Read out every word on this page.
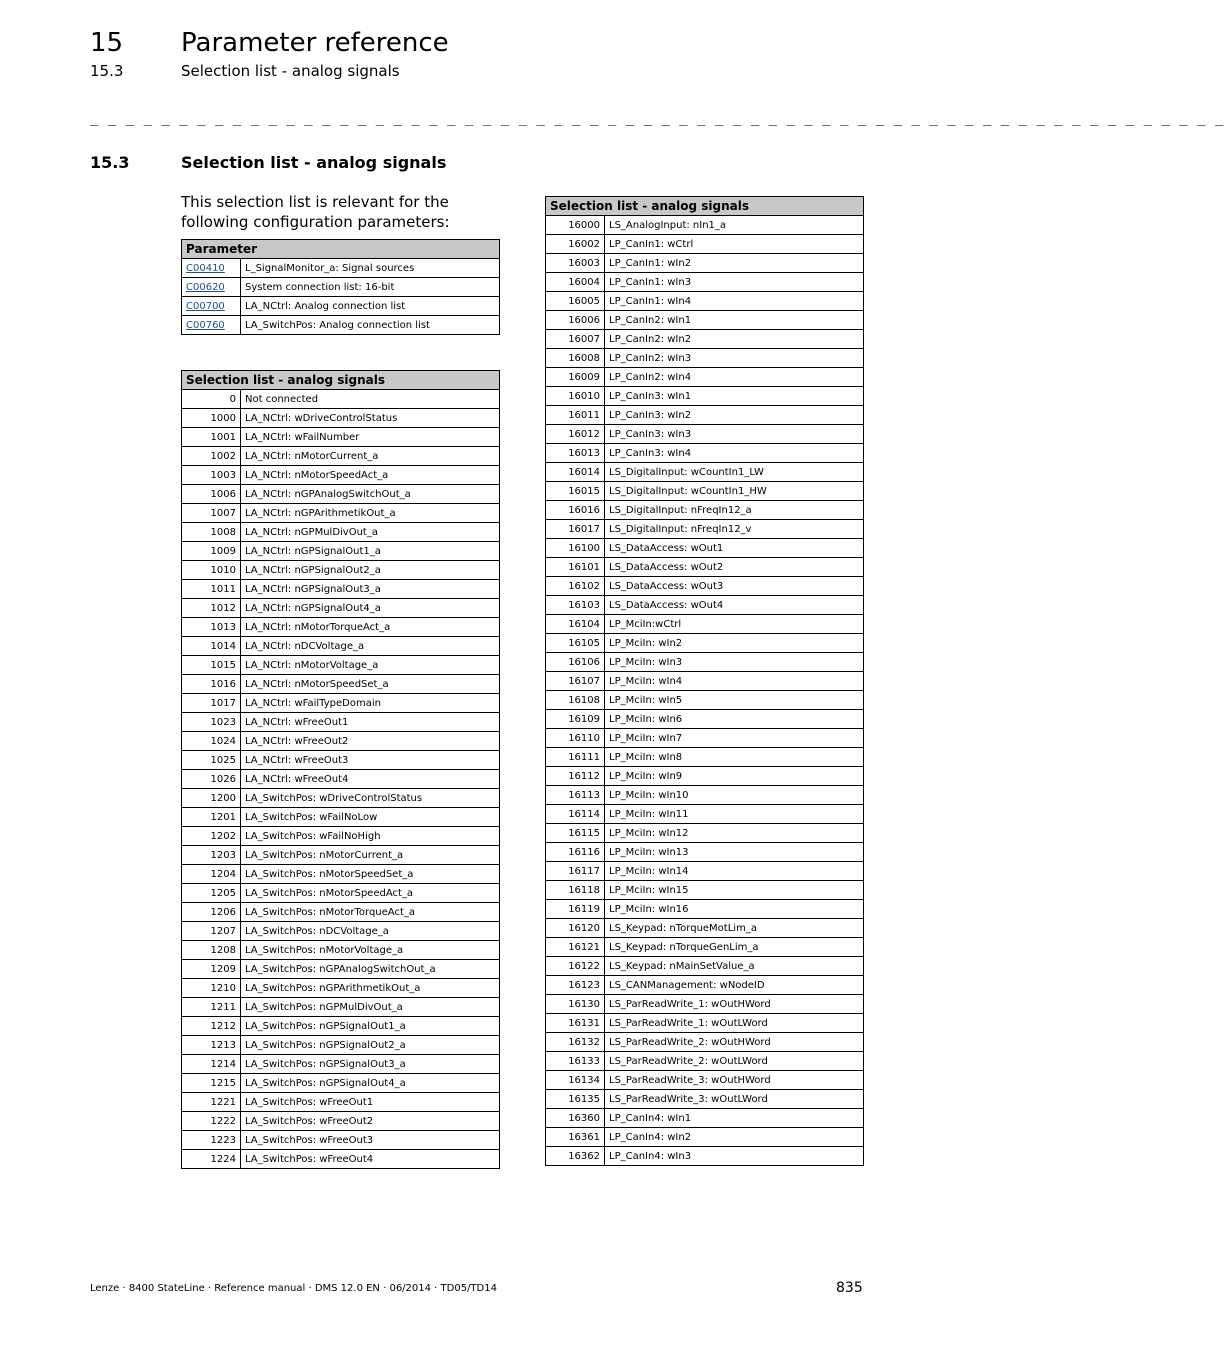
15 Parameter reference
15.3	Selection list - analog signals
_ _ _ _ _ _ _ _ _ _ _ _ _ _ _ _ _ _ _ _ _ _ _ _ _ _ _ _ _ _ _ _ _ _ _ _ _ _ _ _ _ _ _ _ _ _ _ _ _ _ _ _ _ _ _ _ _ _ _ _ _ _ _ _
15.3	Selection list - analog signals
This selection list is relevant for the following configuration parameters:
Parameter	
C00410	L_SignalMonitor_a: Signal sources
C00620	System connection list: 16-bit
C00700	LA_NCtrl: Analog connection list
C00760	LA_SwitchPos: Analog connection list
Selection list - analog signals	
0	Not connected
1000	LA_NCtrl: wDriveControlStatus
1001	LA_NCtrl: wFailNumber
1002	LA_NCtrl: nMotorCurrent_a
1003	LA_NCtrl: nMotorSpeedAct_a
1006	LA_NCtrl: nGPAnalogSwitchOut_a
1007	LA_NCtrl: nGPArithmetikOut_a
1008	LA_NCtrl: nGPMulDivOut_a
1009	LA_NCtrl: nGPSignalOut1_a
1010	LA_NCtrl: nGPSignalOut2_a
1011	LA_NCtrl: nGPSignalOut3_a
1012	LA_NCtrl: nGPSignalOut4_a
1013	LA_NCtrl: nMotorTorqueAct_a
1014	LA_NCtrl: nDCVoltage_a
1015	LA_NCtrl: nMotorVoltage_a
1016	LA_NCtrl: nMotorSpeedSet_a
1017	LA_NCtrl: wFailTypeDomain
1023	LA_NCtrl: wFreeOut1
1024	LA_NCtrl: wFreeOut2
1025	LA_NCtrl: wFreeOut3
1026	LA_NCtrl: wFreeOut4
1200	LA_SwitchPos: wDriveControlStatus
1201	LA_SwitchPos: wFailNoLow
1202	LA_SwitchPos: wFailNoHigh
1203	LA_SwitchPos: nMotorCurrent_a
1204	LA_SwitchPos: nMotorSpeedSet_a
1205	LA_SwitchPos: nMotorSpeedAct_a
1206	LA_SwitchPos: nMotorTorqueAct_a
1207	LA_SwitchPos: nDCVoltage_a
1208	LA_SwitchPos: nMotorVoltage_a
1209	LA_SwitchPos: nGPAnalogSwitchOut_a
1210	LA_SwitchPos: nGPArithmetikOut_a
1211	LA_SwitchPos: nGPMulDivOut_a
1212	LA_SwitchPos: nGPSignalOut1_a
1213	LA_SwitchPos: nGPSignalOut2_a
1214	LA_SwitchPos: nGPSignalOut3_a
1215	LA_SwitchPos: nGPSignalOut4_a
1221	LA_SwitchPos: wFreeOut1
1222	LA_SwitchPos: wFreeOut2
1223	LA_SwitchPos: wFreeOut3
1224	LA_SwitchPos: wFreeOut4
Selection list - analog signals	
16000	LS_AnalogInput: nIn1_a
16002	LP_CanIn1: wCtrl
16003	LP_CanIn1: wIn2
16004	LP_CanIn1: wIn3
16005	LP_CanIn1: wIn4
16006	LP_CanIn2: wIn1
16007	LP_CanIn2: wIn2
16008	LP_CanIn2: wIn3
16009	LP_CanIn2: wIn4
16010	LP_CanIn3: wIn1
16011	LP_CanIn3: wIn2
16012	LP_CanIn3: wIn3
16013	LP_CanIn3: wIn4
16014	LS_DigitalInput: wCountIn1_LW
16015	LS_DigitalInput: wCountIn1_HW
16016	LS_DigitalInput: nFreqIn12_a
16017	LS_DigitalInput: nFreqIn12_v
16100	LS_DataAccess: wOut1
16101	LS_DataAccess: wOut2
16102	LS_DataAccess: wOut3
16103	LS_DataAccess: wOut4
16104	LP_MciIn:wCtrl
16105	LP_MciIn: wIn2
16106	LP_MciIn: wIn3
16107	LP_MciIn: wIn4
16108	LP_MciIn: wIn5
16109	LP_MciIn: wIn6
16110	LP_MciIn: wIn7
16111	LP_MciIn: wIn8
16112	LP_MciIn: wIn9
16113	LP_MciIn: wIn10
16114	LP_MciIn: wIn11
16115	LP_MciIn: wIn12
16116	LP_MciIn: wIn13
16117	LP_MciIn: wIn14
16118	LP_MciIn: wIn15
16119	LP_MciIn: wIn16
16120	LS_Keypad: nTorqueMotLim_a
16121	LS_Keypad: nTorqueGenLim_a
16122	LS_Keypad: nMainSetValue_a
16123	LS_CANManagement: wNodeID
16130	LS_ParReadWrite_1: wOutHWord
16131	LS_ParReadWrite_1: wOutLWord
16132	LS_ParReadWrite_2: wOutHWord
16133	LS_ParReadWrite_2: wOutLWord
16134	LS_ParReadWrite_3: wOutHWord
16135	LS_ParReadWrite_3: wOutLWord
16360	LP_CanIn4: wIn1
16361	LP_CanIn4: wIn2
16362	LP_CanIn4: wIn3
Lenze · 8400 StateLine · Reference manual · DMS 12.0 EN · 06/2014 · TD05/TD14	835
